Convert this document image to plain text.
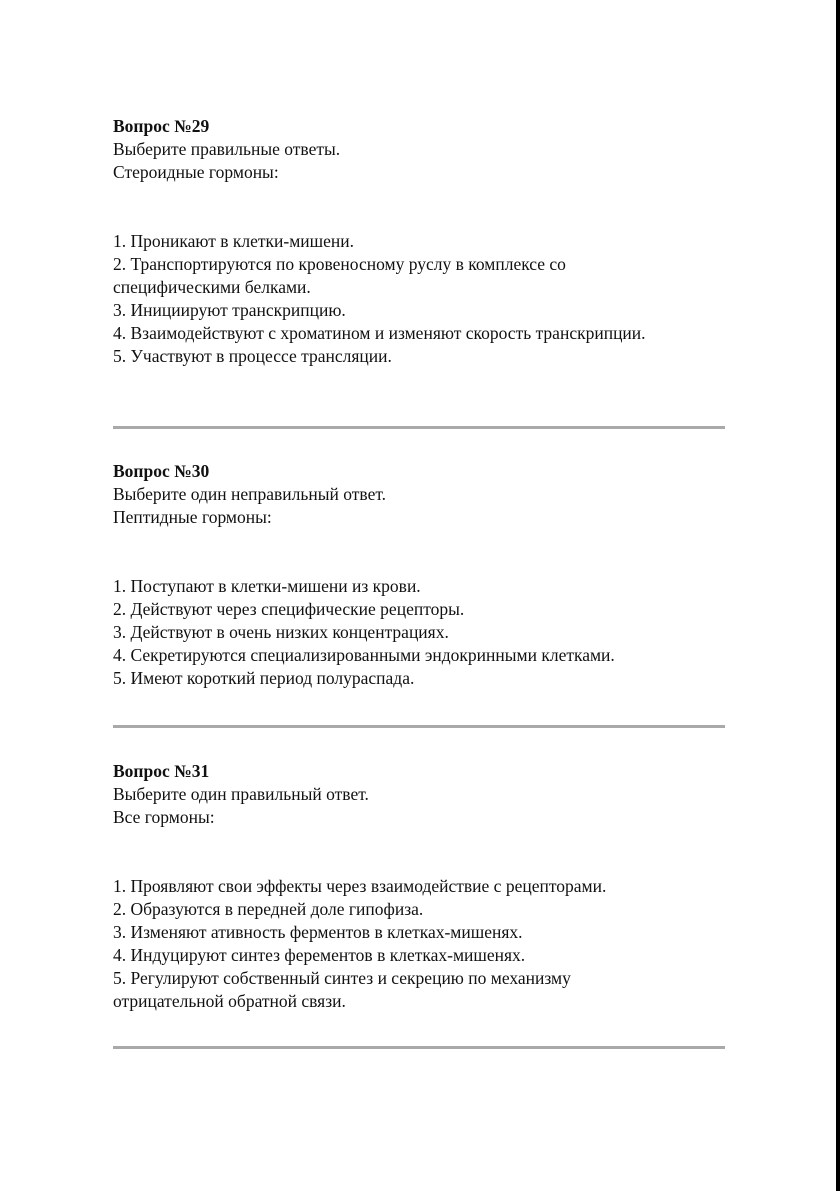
Вопрос №29

Выберите правильные ответы.

Стероидные гормоны:

1. Проникают в клетки-мишени.
2. Транспортируются по кровеносному руслу в комплексе со специфическими белками.
3. Инициируют транскрипцию.
4. Взаимодействуют с хроматином и изменяют скорость транскрипции.
5. Участвуют в процессе трансляции.

Вопрос №30

Выберите один неправильный ответ.

Пептидные гормоны:

1. Поступают в клетки-мишени из крови.
2. Действуют через специфические рецепторы.
3. Действуют в очень низких концентрациях.
4. Секретируются специализированными эндокринными клетками.
5. Имеют короткий период полураспада.

Вопрос №31

Выберите один правильный ответ.

Все гормоны:

1. Проявляют свои эффекты через взаимодействие с рецепторами.
2. Образуются в передней доле гипофиза.
3. Изменяют ативность ферментов в клетках-мишенях.
4. Индуцируют синтез ферементов в клетках-мишенях.
5. Регулируют собственный синтез и секрецию по механизму отрицательной обратной связи.
